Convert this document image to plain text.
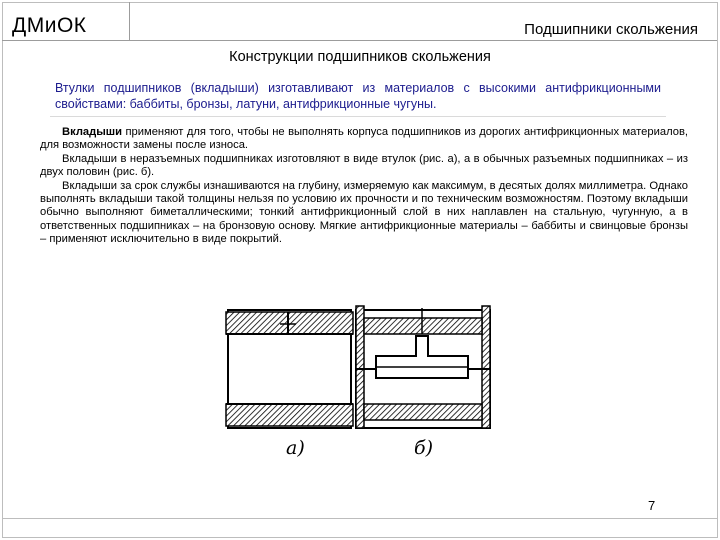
ДМиОК	Подшипники скольжения
Конструкции подшипников скольжения
Втулки подшипников (вкладыши) изготавливают из материалов с высокими антифрикционными свойствами: баббиты, бронзы, латуни, антифрикционные чугуны.

Вкладыши применяют для того, чтобы не выполнять корпуса подшипников из дорогих антифрикционных материалов, для возможности замены после износа.

Вкладыши в неразъемных подшипниках изготовляют в виде втулок (рис. а), а в обычных разъемных подшипниках – из двух половин (рис. б).

Вкладыши за срок службы изнашиваются на глубину, измеряемую как максимум, в десятых долях миллиметра. Однако выполнять вкладыши такой толщины нельзя по условию их прочности и по техническим возможностям. Поэтому вкладыши обычно выполняют биметаллическими; тонкий антифрикционный слой в них наплавлен на стальную, чугунную, а в ответственных подшипниках – на бронзовую основу. Мягкие антифрикционные материалы – баббиты и свинцовые бронзы – применяют исключительно в виде покрытий.

а)	б)
7
